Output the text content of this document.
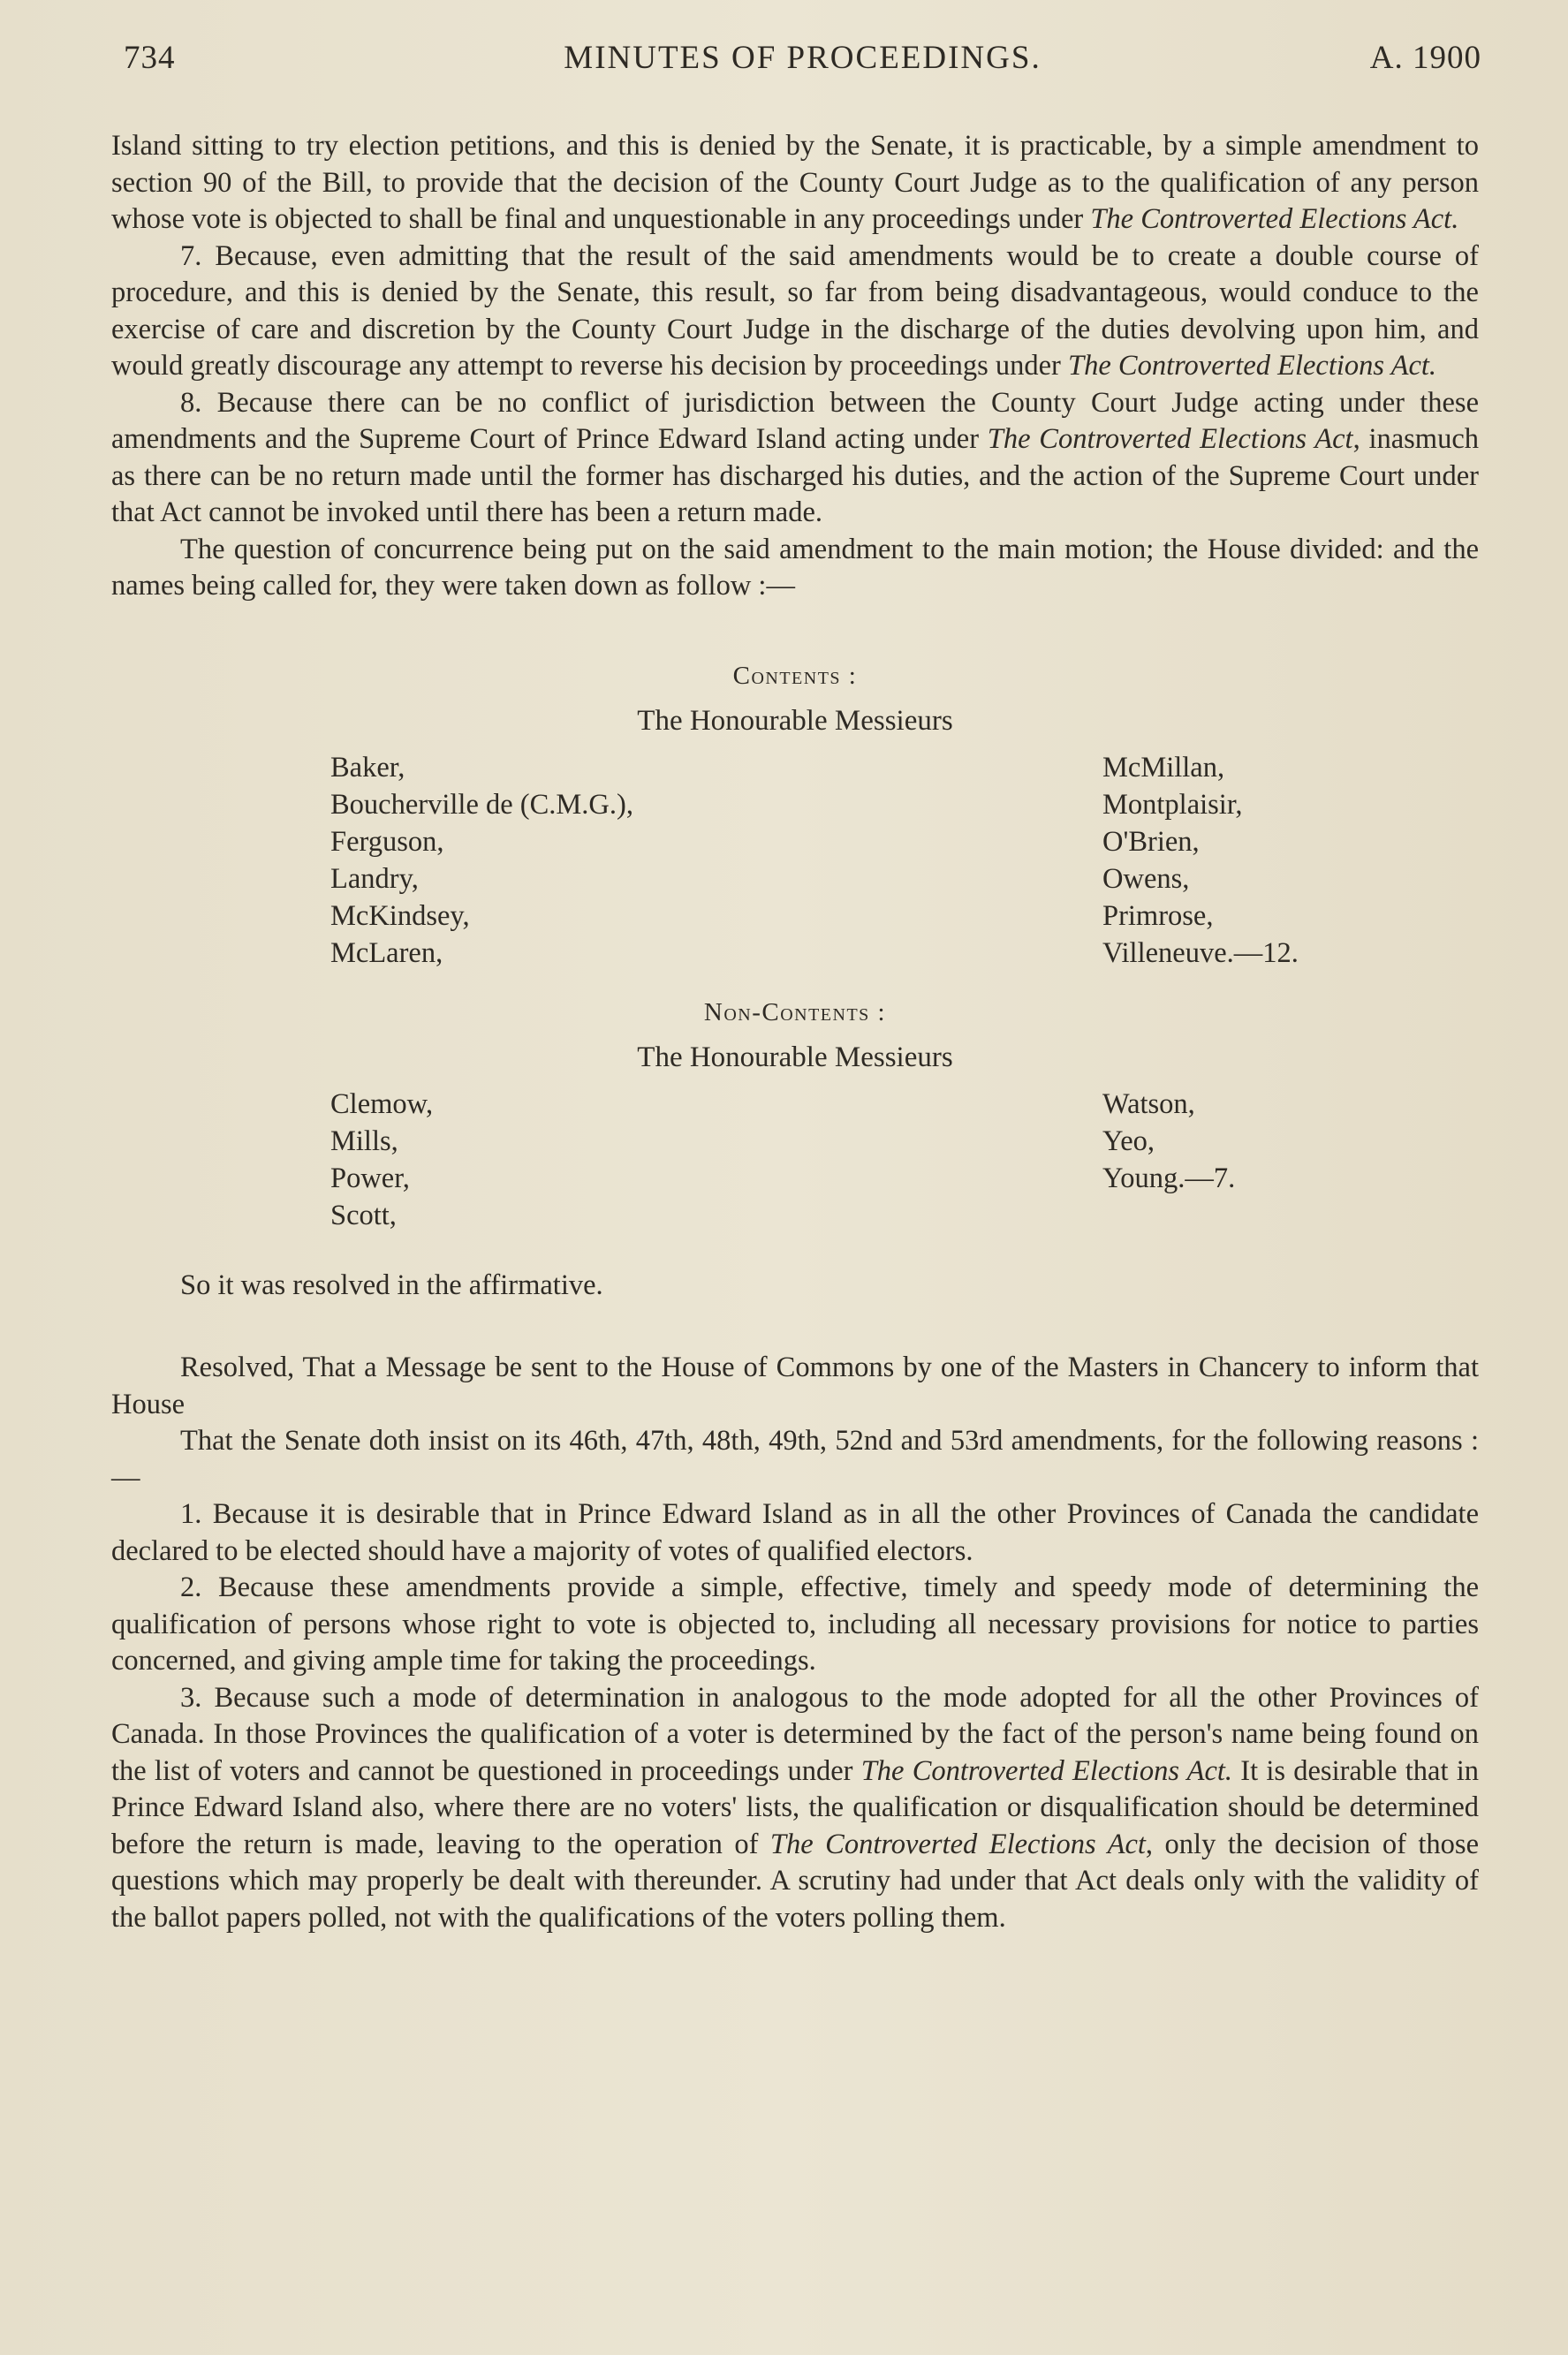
734	MINUTES OF PROCEEDINGS.	A. 1900

Island sitting to try election petitions, and this is denied by the Senate, it is practicable, by a simple amendment to section 90 of the Bill, to provide that the decision of the County Court Judge as to the qualification of any person whose vote is objected to shall be final and unquestionable in any proceedings under The Controverted Elections Act.

7. Because, even admitting that the result of the said amendments would be to create a double course of procedure, and this is denied by the Senate, this result, so far from being disadvantageous, would conduce to the exercise of care and discretion by the County Court Judge in the discharge of the duties devolving upon him, and would greatly discourage any attempt to reverse his decision by proceedings under The Controverted Elections Act.

8. Because there can be no conflict of jurisdiction between the County Court Judge acting under these amendments and the Supreme Court of Prince Edward Island acting under The Controverted Elections Act, inasmuch as there can be no return made until the former has discharged his duties, and the action of the Supreme Court under that Act cannot be invoked until there has been a return made.

The question of concurrence being put on the said amendment to the main motion; the House divided: and the names being called for, they were taken down as follow :—

Contents :
The Honourable Messieurs
Baker,
Boucherville de (C.M.G.),
Ferguson,
Landry,
McKindsey,
McLaren,
McMillan,
Montplaisir,
O'Brien,
Owens,
Primrose,
Villeneuve.—12.
Non-Contents :
The Honourable Messieurs
Clemow,
Mills,
Power,
Scott,
Watson,
Yeo,
Young.—7.

So it was resolved in the affirmative.

Resolved, That a Message be sent to the House of Commons by one of the Masters in Chancery to inform that House

That the Senate doth insist on its 46th, 47th, 48th, 49th, 52nd and 53rd amendments, for the following reasons :—

1. Because it is desirable that in Prince Edward Island as in all the other Provinces of Canada the candidate declared to be elected should have a majority of votes of qualified electors.

2. Because these amendments provide a simple, effective, timely and speedy mode of determining the qualification of persons whose right to vote is objected to, including all necessary provisions for notice to parties concerned, and giving ample time for taking the proceedings.

3. Because such a mode of determination in analogous to the mode adopted for all the other Provinces of Canada. In those Provinces the qualification of a voter is determined by the fact of the person's name being found on the list of voters and cannot be questioned in proceedings under The Controverted Elections Act. It is desirable that in Prince Edward Island also, where there are no voters' lists, the qualification or disqualification should be determined before the return is made, leaving to the operation of The Controverted Elections Act, only the decision of those questions which may properly be dealt with thereunder. A scrutiny had under that Act deals only with the validity of the ballot papers polled, not with the qualifications of the voters polling them.
